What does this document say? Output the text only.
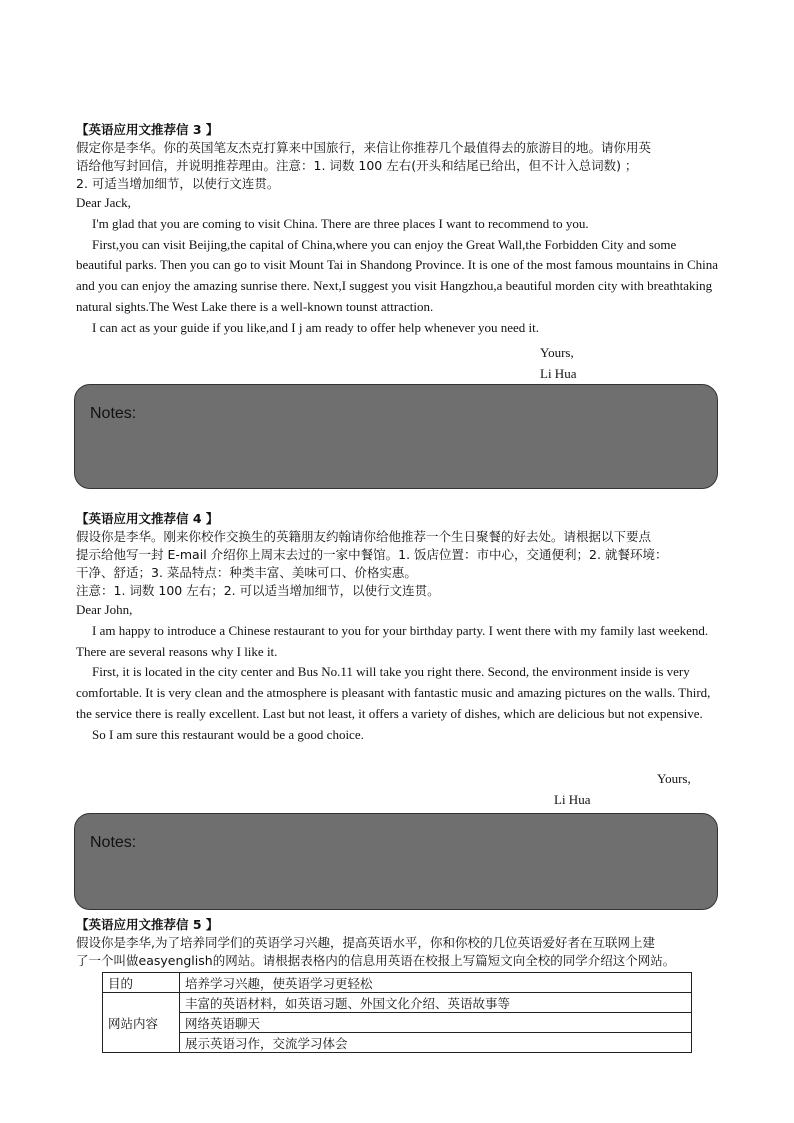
【英语应用文推荐信 3 】

假定你是李华。你的英国笔友杰克打算来中国旅行，来信让你推荐几个最值得去的旅游目的地。请你用英

语给他写封回信，并说明推荐理由。注意：1. 词数 100 左右(开头和结尾已给出，但不计入总词数) ；

2. 可适当增加细节，以使行文连贯。

Dear Jack,

I'm glad that you are coming to visit China. There are three places I want to recommend to you.

First,you can visit Beijing,the capital of China,where you can enjoy the Great Wall,the Forbidden City and some beautiful parks. Then you can go to visit Mount Tai in Shandong Province. It is one of the most famous mountains in China and you can enjoy the amazing sunrise there. Next,I suggest you visit Hangzhou,a beautiful morden city with breathtaking natural sights.The West Lake there is a well-known tounst attraction.

I can act as your guide if you like,and I j am ready to offer help whenever you need it.

Yours,

Li Hua

Notes:

【英语应用文推荐信 4 】

假设你是李华。刚来你校作交换生的英籍朋友约翰请你给他推荐一个生日聚餐的好去处。请根据以下要点

提示给他写一封 E-mail 介绍你上周末去过的一家中餐馆。1. 饭店位置：市中心，交通便利；2. 就餐环境：

干净、舒适；3. 菜品特点：种类丰富、美味可口、价格实惠。

注意：1. 词数 100 左右；2. 可以适当增加细节，以使行文连贯。

Dear John,

I am happy to introduce a Chinese restaurant to you for your birthday party. I went there with my family last weekend. There are several reasons why I like it.

First, it is located in the city center and Bus No.11 will take you right there. Second, the environment inside is very comfortable. It is very clean and the atmosphere is pleasant with fantastic music and amazing pictures on the walls. Third, the service there is really excellent. Last but not least, it offers a variety of dishes, which are delicious but not expensive.

So I am sure this restaurant would be a good choice.

Yours,

Li Hua

Notes:

【英语应用文推荐信 5 】

假设你是李华,为了培养同学们的英语学习兴趣，提高英语水平，你和你校的几位英语爱好者在互联网上建

了一个叫做easyenglish的网站。请根据表格内的信息用英语在校报上写篇短文向全校的同学介绍这个网站。

目的	培养学习兴趣，使英语学习更轻松
网站内容	丰富的英语材料，如英语习题、外国文化介绍、英语故事等
	网络英语聊天
	展示英语习作，交流学习体会
